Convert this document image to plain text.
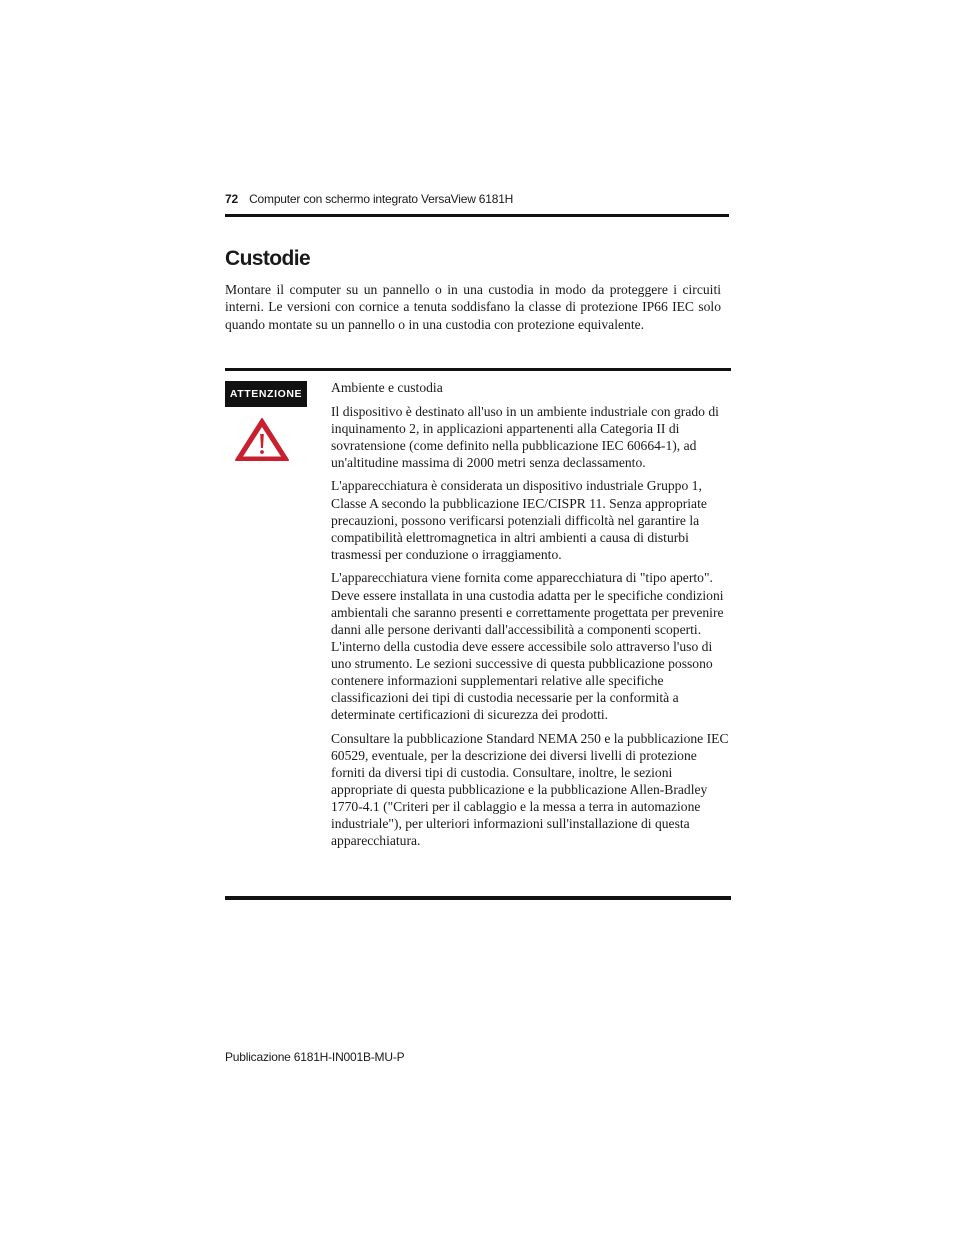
72 Computer con schermo integrato VersaView 6181H
Custodie

Montare il computer su un pannello o in una custodia in modo da proteggere i circuiti interni. Le versioni con cornice a tenuta soddisfano la classe di protezione IP66 IEC solo quando montate su un pannello o in una custodia con protezione equivalente.

ATTENZIONE	Ambiente e custodia

Il dispositivo è destinato all'uso in un ambiente industriale con grado di inquinamento 2, in applicazioni appartenenti alla Categoria II di sovratensione (come definito nella pubblicazione IEC 60664-1), ad un'altitudine massima di 2000 metri senza declassamento.

L'apparecchiatura è considerata un dispositivo industriale Gruppo 1, Classe A secondo la pubblicazione IEC/CISPR 11. Senza appropriate precauzioni, possono verificarsi potenziali difficoltà nel garantire la compatibilità elettromagnetica in altri ambienti a causa di disturbi trasmessi per conduzione o irraggiamento.

L'apparecchiatura viene fornita come apparecchiatura di "tipo aperto". Deve essere installata in una custodia adatta per le specifiche condizioni ambientali che saranno presenti e correttamente progettata per prevenire danni alle persone derivanti dall'accessibilità a componenti scoperti. L'interno della custodia deve essere accessibile solo attraverso l'uso di uno strumento. Le sezioni successive di questa pubblicazione possono contenere informazioni supplementari relative alle specifiche classificazioni dei tipi di custodia necessarie per la conformità a determinate certificazioni di sicurezza dei prodotti.

Consultare la pubblicazione Standard NEMA 250 e la pubblicazione IEC 60529, eventuale, per la descrizione dei diversi livelli di protezione forniti da diversi tipi di custodia. Consultare, inoltre, le sezioni appropriate di questa pubblicazione e la pubblicazione Allen-Bradley 1770-4.1 ("Criteri per il cablaggio e la messa a terra in automazione industriale"), per ulteriori informazioni sull'installazione di questa apparecchiatura.

Publicazione 6181H-IN001B-MU-P
